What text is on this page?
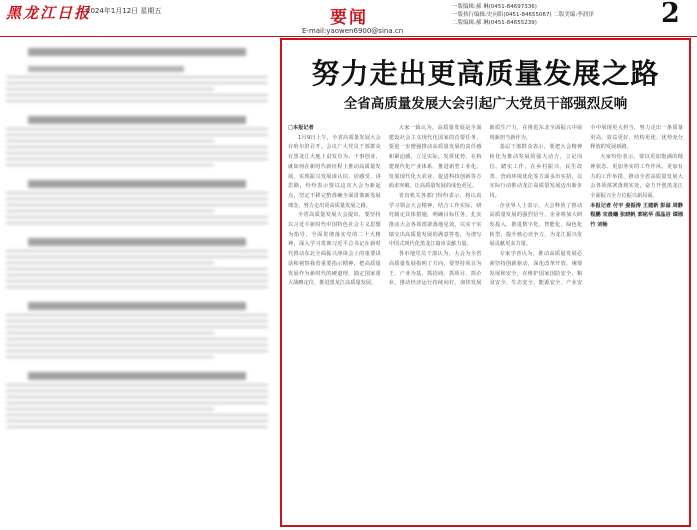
黑龙江日报
2024年1月12日 星期五	要闻
E-mail:yaowen6900@sina.cn
一版编辑:郝 琳(0451-84697336)
一版执行编辑:史向阳(0451-84655067) 二版美编:李润泽
二版编辑:郝 琳(0451-84655239)	2
努力走出更高质量发展之路
全省高质量发展大会引起广大党员干部强烈反响

□本报记者

1月9日上午，全省高质量发展大会在哈尔滨召开。会议广大党员干部群众在黑龙江大地上奋发有为、干事创业，就如何在新时代新征程上推动高质量发展、实现振兴发展谈认识、话感受、讲思路，纷纷表示要以这次大会为新起点，坚定不移完整准确全面贯彻新发展理念，努力走出更高质量发展之路。

全省高质量发展大会提出，要坚持以习近平新时代中国特色社会主义思想为指导，全面贯彻落实党的二十大精神，深入学习贯彻习近平总书记在新时代推动东北全面振兴座谈会上的重要讲话和视察我省重要指示精神，把高质量发展作为新时代的硬道理，锚定国家重大战略定位，推进黑龙江高质量发展。

大家一致认为，高质量发展是全面建设社会主义现代化国家的首要任务，要进一步增强推动高质量发展的责任感和紧迫感，立足实际，发挥优势，在构建现代化产业体系、推进新型工业化、发展现代化大农业、促进科技创新等方面求突破，让高质量发展的成色更足。

省直机关各部门纷纷表示，将认真学习领会大会精神，结合工作实际，研究制定具体措施，明确目标任务，扎实推动大会各项部署落地见效，以实干实绩交出高质量发展的满意答卷，为谱写中国式现代化黑龙江篇章贡献力量。

各市地党员干部认为，大会为全省高质量发展指明了方向，要坚持项目为王、产业为基，抓招商、抓项目、抓企业，推动经济运行持续向好，加快发展新质生产力，在推进东北全面振兴中展现新担当新作为。

基层干部群众表示，要把大会精神转化为推动发展的强大动力，立足岗位、踏实工作，在乡村振兴、民生改善、营商环境优化等方面多出实招，以实际行动推动龙江高质量发展迈出新步伐。

企业界人士表示，大会释放了推动高质量发展的强烈信号，企业将加大研发投入，推进数字化、智能化、绿色化转型，提升核心竞争力，为龙江振兴发展贡献更多力量。

专家学者认为，推动高质量发展必须坚持创新驱动，深化改革开放，统筹发展和安全，在维护国家国防安全、粮食安全、生态安全、能源安全、产业安全中展现更大担当，努力走出一条质量更高、效益更好、结构更优、优势充分释放的发展新路。

大家纷纷表示，要以更加饱满的精神状态、更加务实的工作作风、更加有力的工作举措，推动全省高质量发展大会各项部署落到实处，奋力开创黑龙江全面振兴全方位振兴新局面。

本报记者 付宇 姜振涛 王建新 彭溢 周静 程鹏 宋晨曦 张晓帆 郭铭华 邵晶岩 谭湘竹 刘畅
